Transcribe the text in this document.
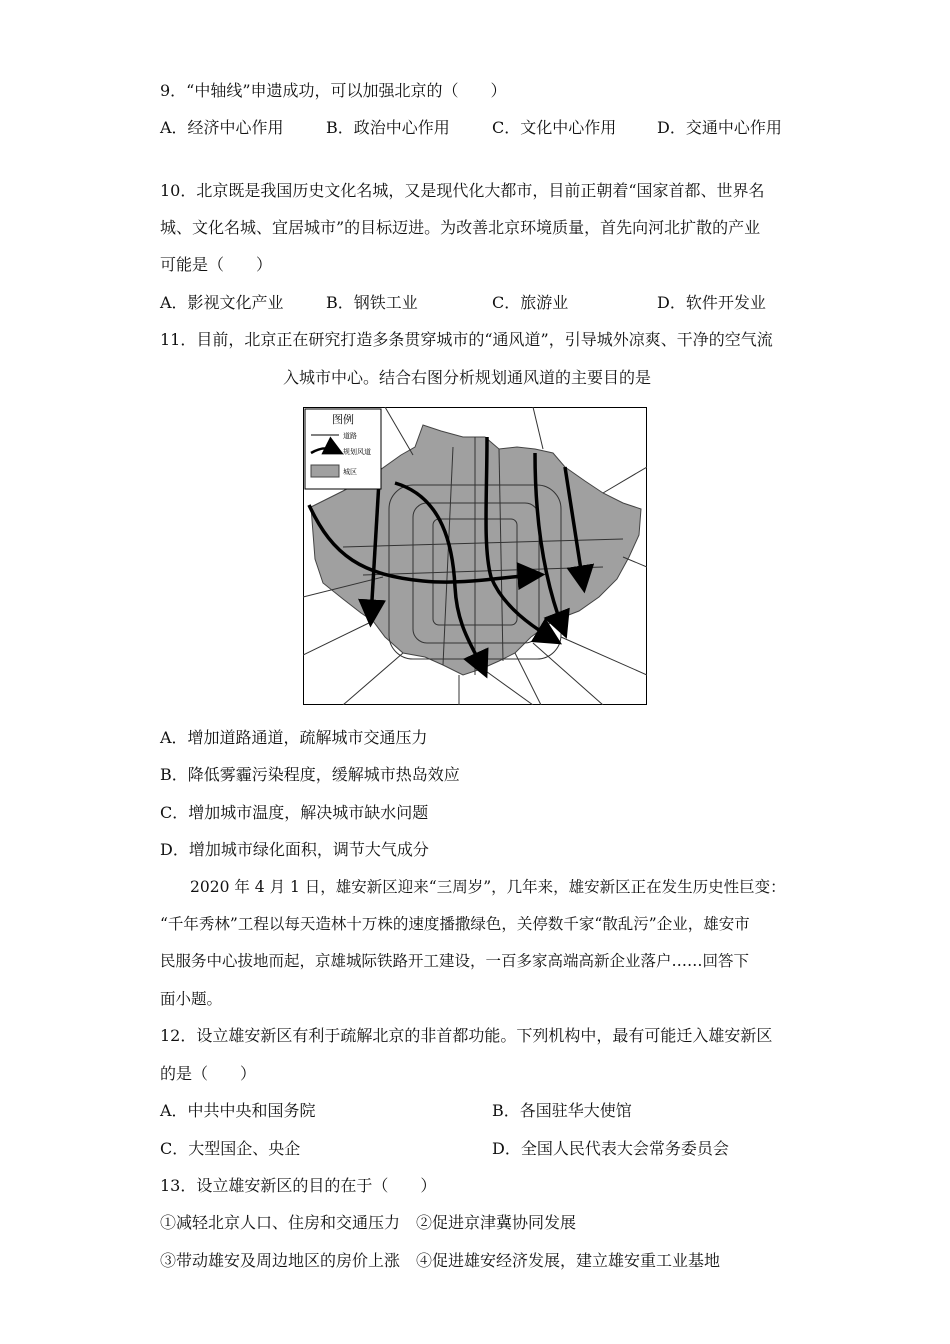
9．“中轴线”申遗成功，可以加强北京的（　　）
A．经济中心作用	B．政治中心作用	C．文化中心作用	D．交通中心作用
10．北京既是我国历史文化名城，又是现代化大都市，目前正朝着“国家首都、世界名
城、文化名城、宜居城市”的目标迈进。为改善北京环境质量，首先向河北扩散的产业
可能是（　　）
A．影视文化产业	B．钢铁工业	C．旅游业	D．软件开发业
11．目前，北京正在研究打造多条贯穿城市的“通风道”，引导城外凉爽、干净的空气流
入城市中心。结合右图分析规划通风道的主要目的是
图例
道路
规划风道
城区
A．增加道路通道，疏解城市交通压力
B．降低雾霾污染程度，缓解城市热岛效应
C．增加城市温度，解决城市缺水问题
D．增加城市绿化面积，调节大气成分
2020 年 4 月 1 日，雄安新区迎来“三周岁”，几年来，雄安新区正在发生历史性巨变：
“千年秀林”工程以每天造林十万株的速度播撒绿色，关停数千家“散乱污”企业，雄安市
民服务中心拔地而起，京雄城际铁路开工建设，一百多家高端高新企业落户……回答下
面小题。
12．设立雄安新区有利于疏解北京的非首都功能。下列机构中，最有可能迁入雄安新区
的是（　　）
A．中共中央和国务院	B．各国驻华大使馆
C．大型国企、央企	D．全国人民代表大会常务委员会
13．设立雄安新区的目的在于（　　）
①减轻北京人口、住房和交通压力　②促进京津冀协同发展
③带动雄安及周边地区的房价上涨　④促进雄安经济发展，建立雄安重工业基地
